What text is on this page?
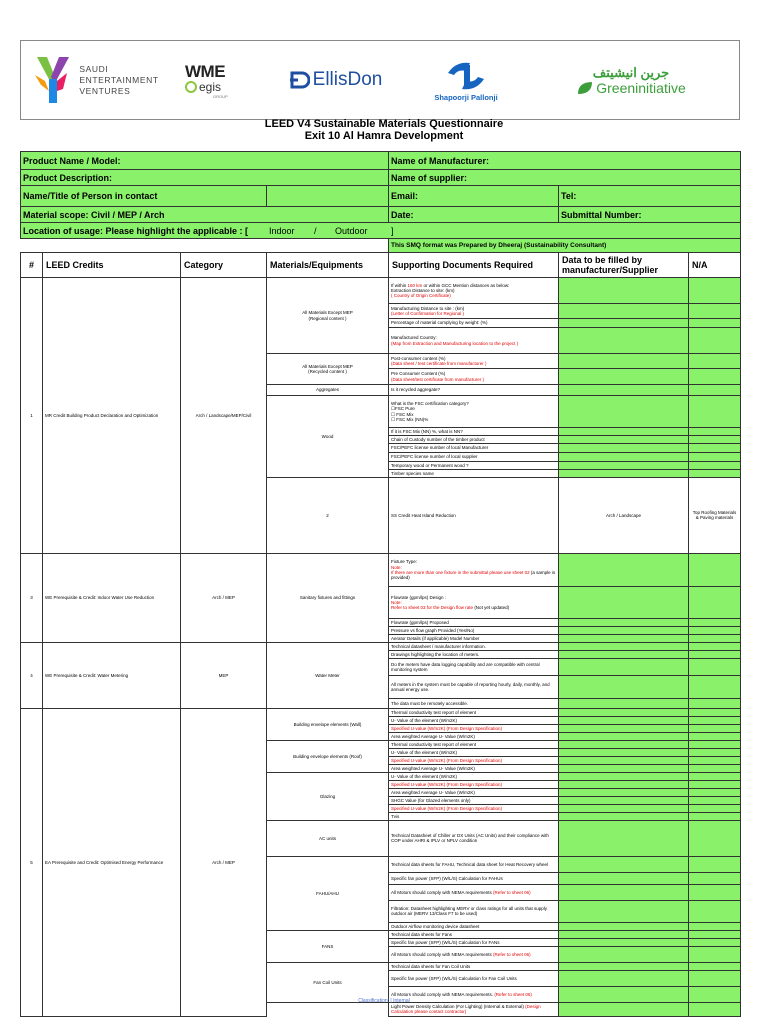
SAUDI
ENTERTAINMENT
VENTURES
WME
egis
GROUP
EllisDon
Shapoorji Pallonji
جرين انيشيتف
Greeninitiative
LEED V4 Sustainable Materials Questionnaire
Exit 10 Al Hamra Development
Product Name / Model:				Name of Manufacturer:			
Product Description:				Name of supplier:			
Name/Title of Person in contact				Email:	Tel:		
Material scope: Civil / MEP / Arch				Date:	Submittal Number:		
Location of usage: Please highlight the applicable : [ Indoor / Outdoor ]							

				This SMQ format was Prepared by Dheeraj (Sustainability Consultant)			
#	LEED Credits	Category	Materials/Equipments	Supporting Documents Required	Data to be filled by manufacturer/Supplier	N/A	
1	MR Credit Building Product Declaration and Optimization	Arch / Landscape/MEP/Civil	All Materials Except MEP
(Regional content )	If within 160 km or within GCC Mention distances as below:
Extraction Distance to site: (km)
( Country of Origin Certificate)			
				Manufacturing Distance to site : (km)
(Letter of Confirmation for Regional )			
				Percentage of material complying by weight: (%)			
				Manufactured Country:
(Map from Extraction and Manufacturing location to the project )			
			All Materials Except MEP
(Recycled content )	Post-consumer content (%)
(Data sheet / test certificate from manufacturer )			
				Pre Consumer Content (%)
(Data sheet/test certificate from manufacturer )			
			Aggregates	Is it recycled aggregate?			
			Wood	What is the FSC certification category?
☐FSC Pure
☐ FSC Mix
☐ FSC Mix (NN)%			
				If it is FSC Mix (NN) %, what is NN?			
				Chain of Custody number of the timber product			
				FSC/PEFC license number of local Manufacturer			
				FSC/PEFC license number of local supplier			
				Temporary wood or Permanent wood ?			
				Timber species name			
			2	SS Credit Heat Island Reduction	Arch / Landscape	Top Roofing Materials & Paving materials			

3	WE Prerequisite & Credit: Indoor Water Use Reduction	Arch / MEP	Sanitary fixtures and fittings	Fixture Type:
Note:
If there are more than one fixture in the submittal please use sheet 02 (a sample is provided)			
				Flowrate (gpm/lps) Design :
Note:
Refer to sheet 03 for the Design flow rate (Not yet updated)			
				Flowrate (gpm/lps) Proposed			
				Pressure vs flow graph Provided (Yes/No)			
				Aerator Details (if applicable) Model Number			
4	WE Prerequisite & Credit: Water Metering	MEP	Water Meter	Technical datasheet / manufacturer information.			
				Drawings highlighting the location of meters.			
				Do the meters have data logging capability and are compatible with central monitoring system			
				All meters in the system must be capable of reporting hourly, daily, monthly, and annual energy use.			
				The data must be remotely accessible.			
5	EA Prerequisite and Credit: Optimised Energy Performance	Arch / MEP	Building envelope elements (Wall)	Thermal conductivity test report of element			
				U- Value of the element (W/m2K)			
				Specified U-value (W/m2K) (From Design Specification)			
				Area weighted Average U- Value (W/m2K)			
			Building envelope elements (Roof)	Thermal conductivity test report of element			
				U- Value of the element (W/m2K)			
				Specified U-value (W/m2K) (From Design Specification)			
				Area weighted Average U- Value (W/m2K)			
			Glazing	U- Value of the element (W/m2K)			
				Specified U-value (W/m2K) (From Design Specification)			
				Area weighted Average U- Value (W/m2K)			
				SHGC Value (for Glazed elements only)			
				Specified U-value (W/m2K) (From Design Specification)			
				Tvis			
			AC units	Technical Datasheet of Chiller or DX Units (AC Units) and their compliance with COP under AHRI & IPLV or NPLV condition			
			FAHU/AHU	Technical data sheets for FAHU, Technical data sheet for Heat Recovery wheel			
				Specific fan power (SFP) (W/L/S) Calculation for FAHUs			
				All Motors should comply with NEMA requirements (Refer to sheet 06)			
				Filtration: Datasheet highlighting MERV or class ratings for all units that supply outdoor air (MERV 13/Class F7 to be used)			
				Outdoor Airflow monitoring device datasheet			
			FANS	Technical data sheets for Fans			
				Specific fan power (SFP) (W/L/S) Calculation for FANs			
				All Motors should comply with NEMA requirements (Refer to sheet 06)			
			Fan Coil Units	Technical data sheets for Fan Coil Units			
				Specific fan power (SFP) (W/L/S) Calculation for Fan Coil Units			
				All Motors should comply with NEMA requirements. (Refer to sheet 06)			
				Light Power Density Calculation (For Lighting) (Internal & External) (Design Calculation please contact contractor)			
Classification: | Internal
